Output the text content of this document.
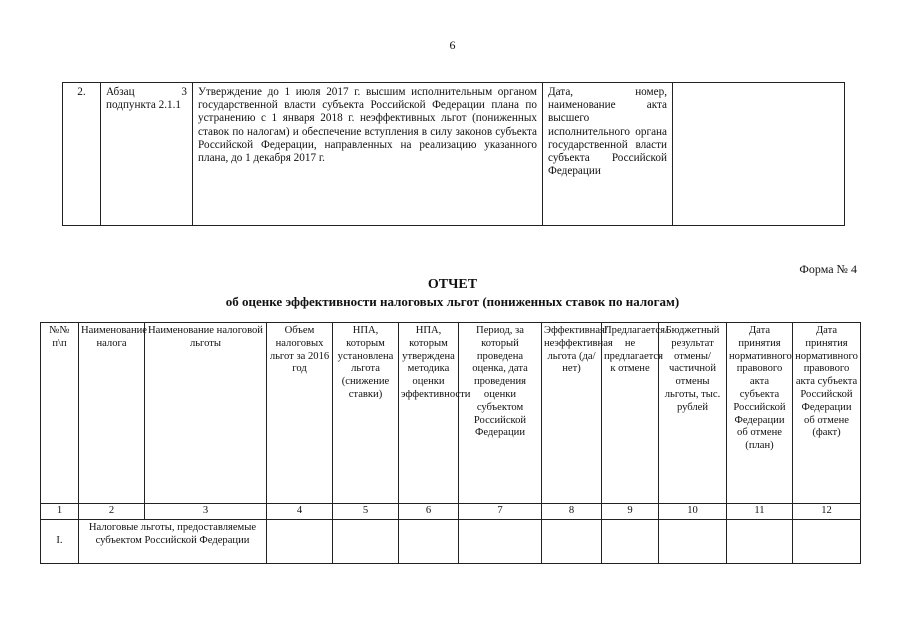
6
2.	Абзац 3 подпункта 2.1.1	Утверждение до 1 июля 2017 г. высшим исполнительным органом государственной власти субъекта Российской Федерации плана по устранению с 1 января 2018 г. неэффективных льгот (пониженных ставок по налогам) и обеспечение вступления в силу законов субъекта Российской Федерации, направленных на реализацию указанного плана, до 1 декабря 2017 г.	Дата, номер, наименование акта высшего исполнительного органа государственной власти субъекта Российской Федерации	
Форма № 4
ОТЧЕТ
об оценке эффективности налоговых льгот (пониженных ставок по налогам)
№№ п\п	Наименование налога	Наименование налоговой льготы	Объем налоговых льгот за 2016 год	НПА, которым установлена льгота (снижение ставки)	НПА, которым утверждена методика оценки эффективности	Период, за который проведена оценка, дата проведения оценки субъектом Российской Федерации	Эффективная/неэффективная льгота (да/нет)	Предлагается/не предлагается к отмене	Бюджетный результат отмены/частичной отмены льготы, тыс. рублей	Дата принятия нормативного правового акта субъекта Российской Федерации об отмене (план)	Дата принятия нормативного правового акта субъекта Российской Федерации об отмене (факт)
1	2	3	4	5	6	7	8	9	10	11	12
I.	Налоговые льготы, предоставляемые субъектом Российской Федерации										
